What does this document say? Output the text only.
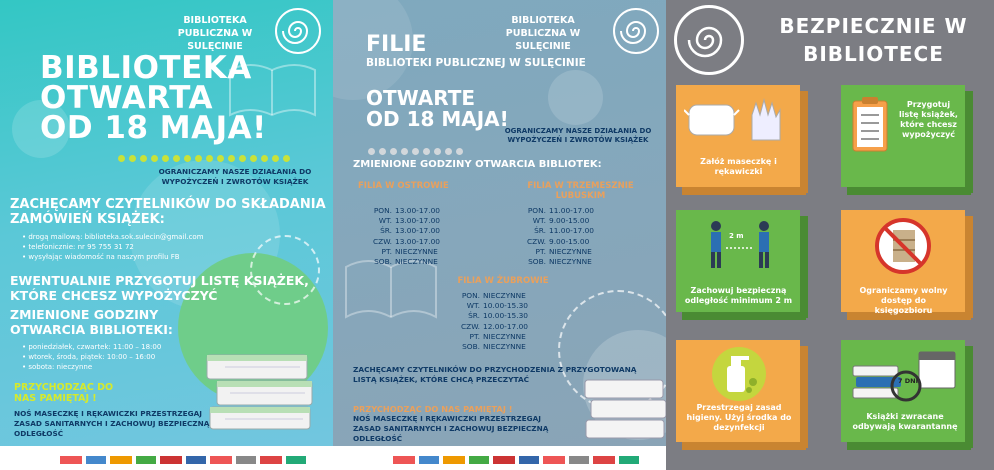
BIBLIOTEKA PUBLICZNA W SULĘCINIE
BIBLIOTEKA
OTWARTA
OD 18 MAJA!
OGRANICZAMY NASZE DZIAŁANIA DO WYPOŻYCZEŃ I ZWROTÓW KSIĄŻEK
ZACHĘCAMY CZYTELNIKÓW DO SKŁADANIA ZAMÓWIEŃ KSIĄŻEK:
• drogą mailową: biblioteka.sok.sulecin@gmail.com
• telefonicznie: nr 95 755 31 72
• wysyłając wiadomość na naszym profilu FB
EWENTUALNIE PRZYGOTUJ LISTĘ KSIĄŻEK, KTÓRE CHCESZ WYPOŻYCZYĆ
ZMIENIONE GODZINY OTWARCIA BIBLIOTEKI:
• poniedziałek, czwartek: 11:00 – 18:00
• wtorek, środa, piątek: 10:00 – 16:00
• sobota: nieczynne
PRZYCHODZĄC DO NAS PAMIĘTAJ !
NOŚ MASECZKĘ I RĘKAWICZKI PRZESTRZEGAJ ZASAD SANITARNYCH I ZACHOWUJ BEZPIECZNĄ ODLEGŁOŚĆ
BIBLIOTEKA PUBLICZNA W SULĘCINIE
FILIE
BIBLIOTEKI PUBLICZNEJ W SULĘCINIE
OTWARTE
OD 18 MAJA!
OGRANICZAMY NASZE DZIAŁANIA DO WYPOŻYCZEŃ I ZWROTÓW KSIĄŻEK
ZMIENIONE GODZINY OTWARCIA BIBLIOTEK:
FILIA W OSTROWIE
PON. 13.00-17.00
WT. 13.00-17.00
ŚR. 13.00-17.00
CZW. 13.00-17.00
PT. NIECZYNNE
SOB. NIECZYNNE
FILIA W TRZEMESZNIE LUBUSKIM
PON. 11.00-17.00
WT. 9.00-15.00
ŚR. 11.00-17.00
CZW. 9.00-15.00
PT. NIECZYNNE
SOB. NIECZYNNE
FILIA W ŻUBROWIE
PON. NIECZYNNE
WT. 10.00-15.30
ŚR. 10.00-15.30
CZW. 12.00-17.00
PT. NIECZYNNE
SOB. NIECZYNNE
ZACHĘCAMY CZYTELNIKÓW DO PRZYCHODZENIA Z PRZYGOTOWANĄ LISTĄ KSIĄŻEK, KTÓRE CHCĄ PRZECZYTAĆ
PRZYCHODZĄC DO NAS PAMIĘTAJ !
NOŚ MASECZKĘ I RĘKAWICZKI PRZESTRZEGAJ ZASAD SANITARNYCH I ZACHOWUJ BEZPIECZNĄ ODLEGŁOŚĆ
BEZPIECZNIE W BIBLIOTECE
Załóż maseczkę i rękawiczki
Przygotuj listę książek, które chcesz wypożyczyć
2 m
Zachowuj bezpieczną odległość minimum 2 m
Ograniczamy wolny dostęp do księgozbioru
Przestrzegaj zasad higieny. Użyj środka do dezynfekcji
7 DNI
Książki zwracane odbywają kwarantannę
